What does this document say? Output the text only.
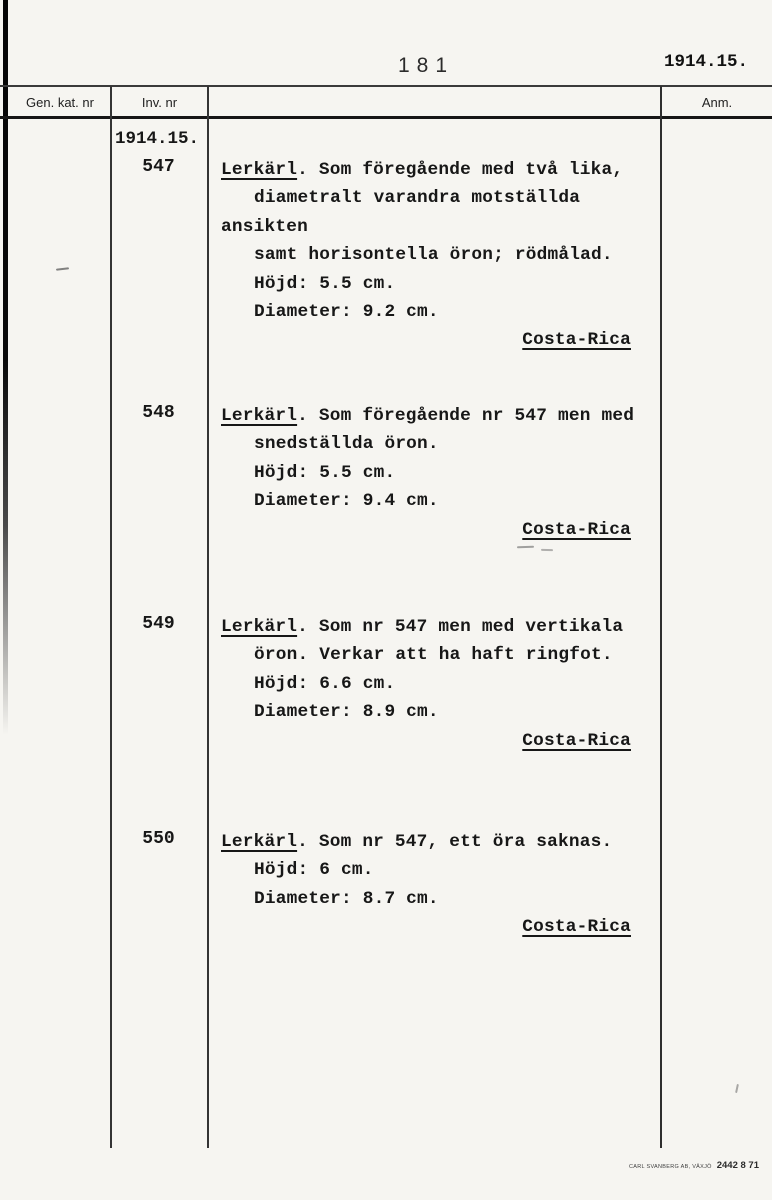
181	1914.15.
Gen. kat. nr	Inv. nr	Anm.
1914.15.
547	Lerkärl. Som föregående med två lika,
diametralt varandra motställda ansikten
samt horisontella öron; rödmålad.
Höjd: 5.5 cm.
Diameter: 9.2 cm.
Costa-Rica
548	Lerkärl. Som föregående nr 547 men med
snedställda öron.
Höjd: 5.5 cm.
Diameter: 9.4 cm.
Costa-Rica
549	Lerkärl. Som nr 547 men med vertikala
öron. Verkar att ha haft ringfot.
Höjd: 6.6 cm.
Diameter: 8.9 cm.
Costa-Rica
550	Lerkärl. Som nr 547, ett öra saknas.
Höjd: 6 cm.
Diameter: 8.7 cm.
Costa-Rica
CARL SVANBERG AB, VÄXJÖ 2442 8 71
